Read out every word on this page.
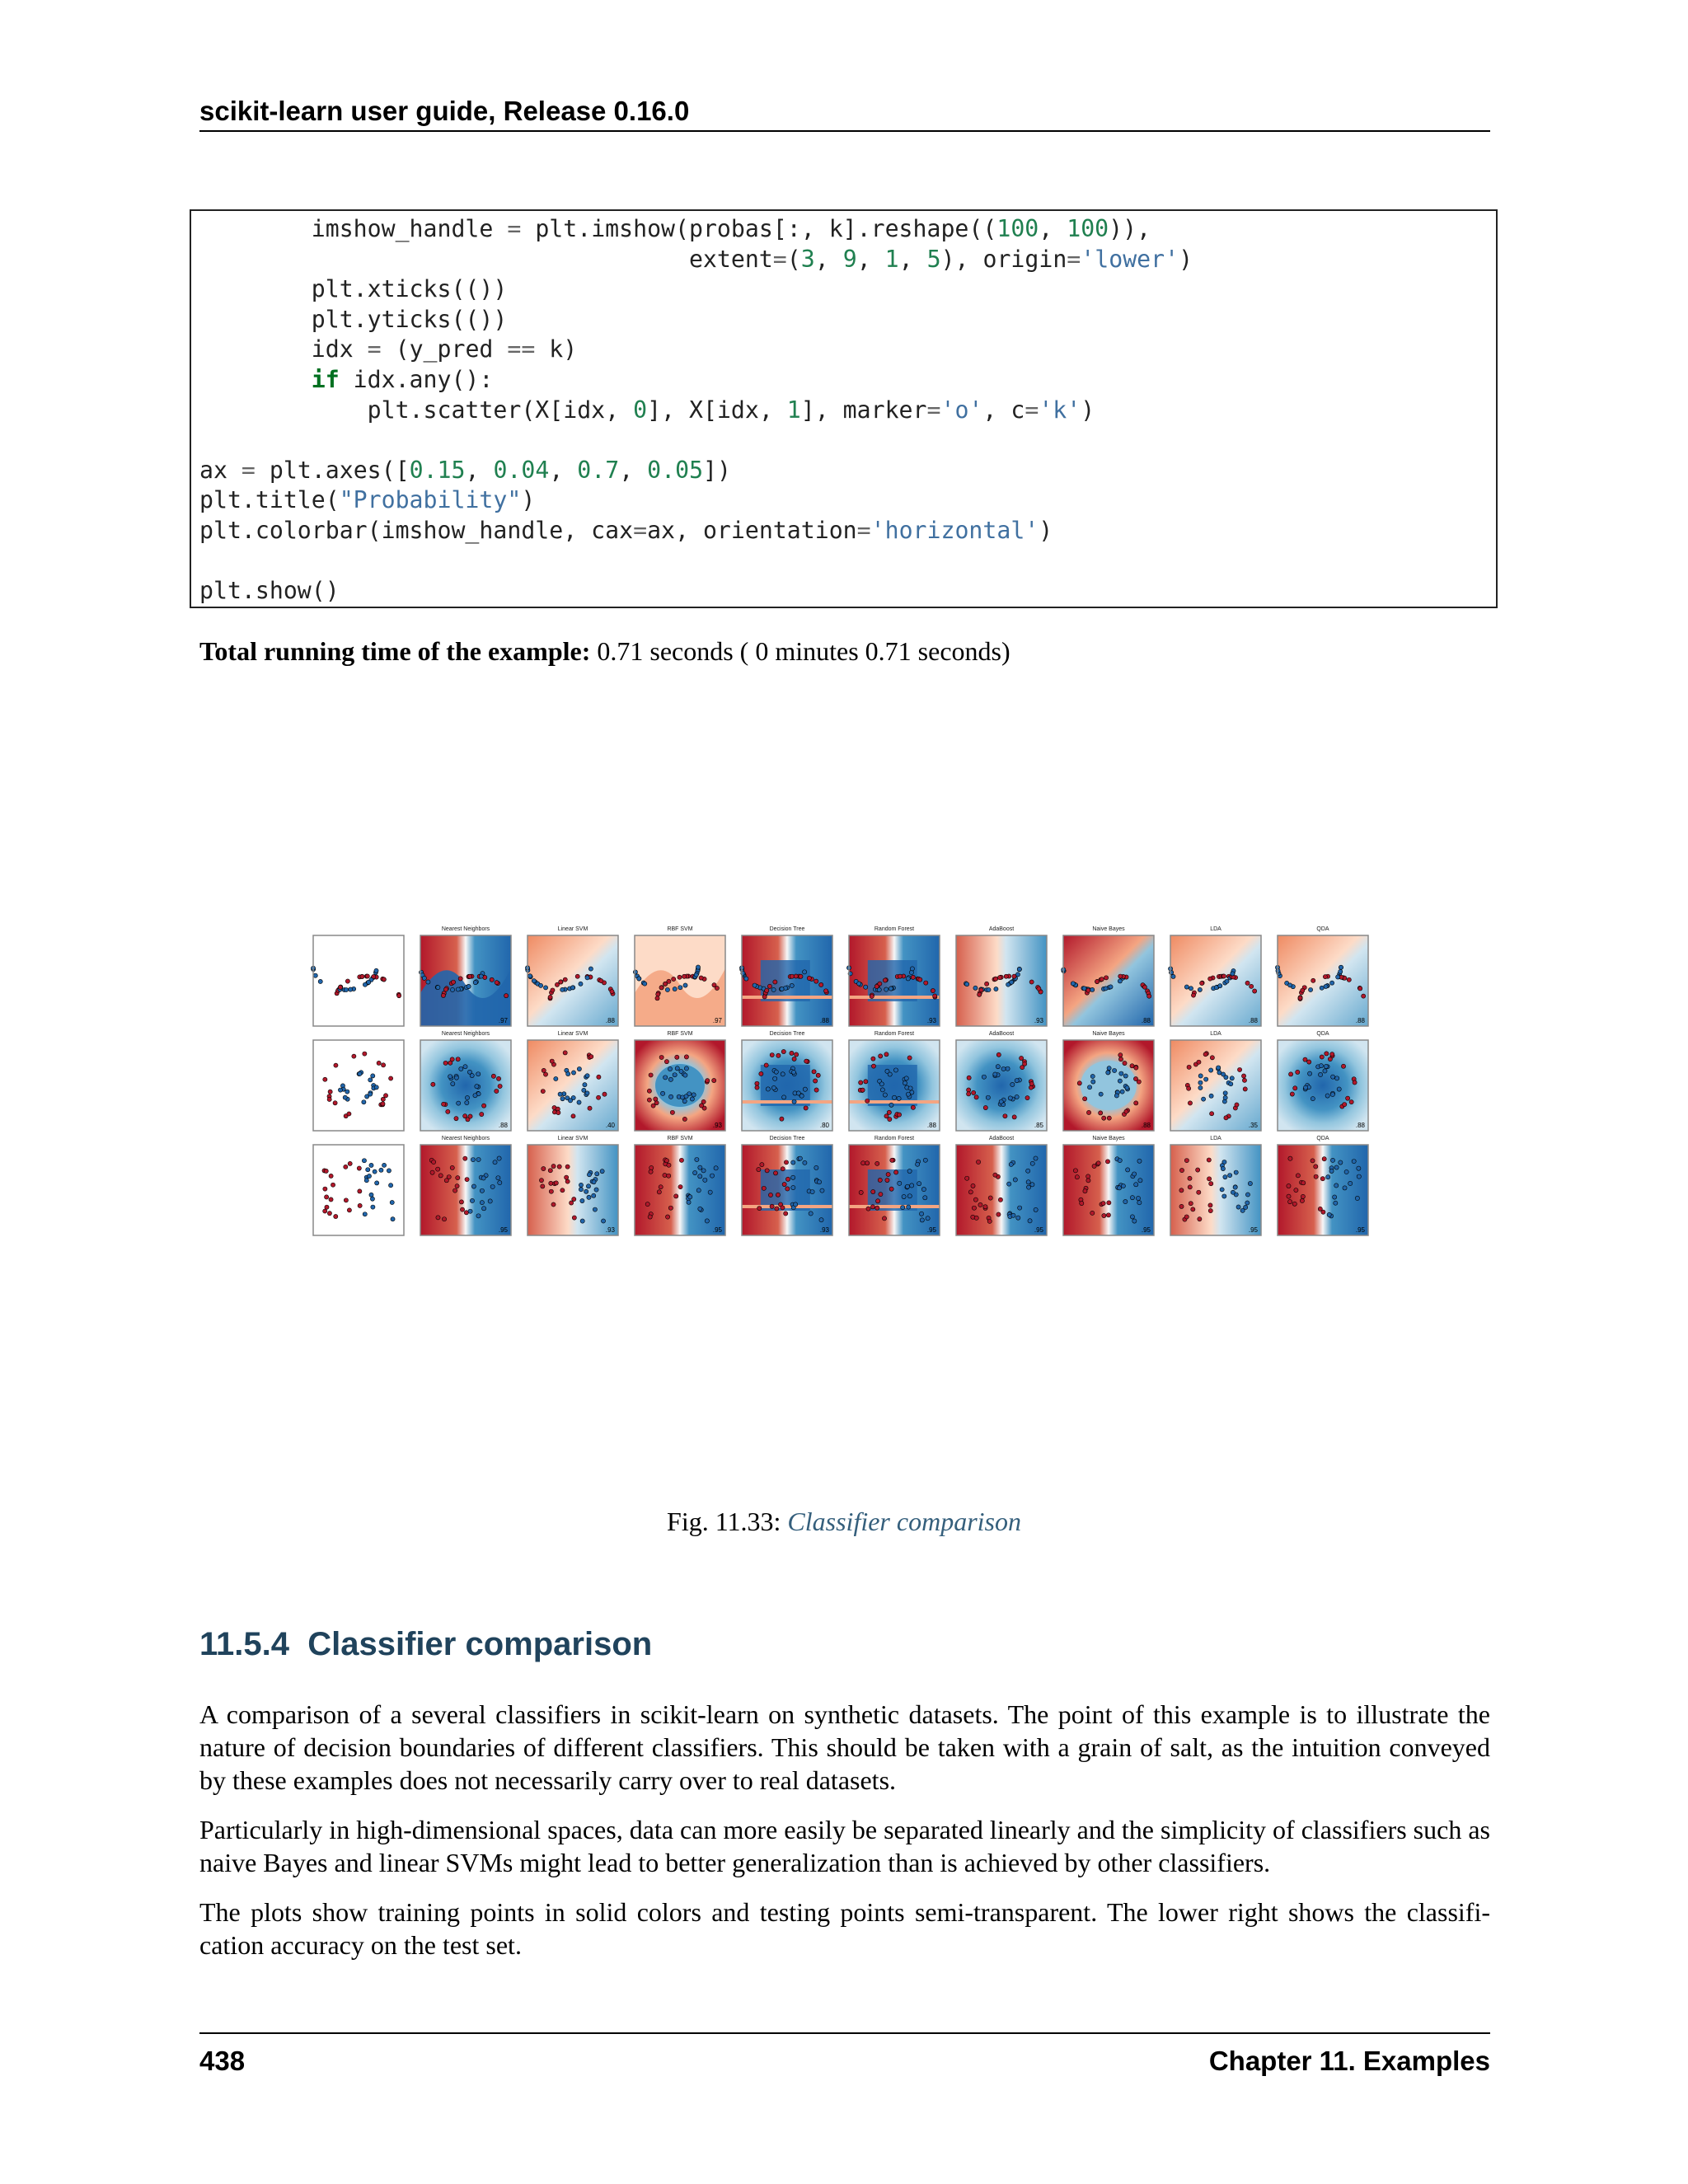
scikit-learn user guide, Release 0.16.0
imshow_handle = plt.imshow(probas[:, k].reshape((100, 100)),
extent=(3, 9, 1, 5), origin='lower')
plt.xticks(())
plt.yticks(())
idx = (y_pred == k)
if idx.any():
plt.scatter(X[idx, 0], X[idx, 1], marker='o', c='k')

ax = plt.axes([0.15, 0.04, 0.7, 0.05])
plt.title("Probability")
plt.colorbar(imshow_handle, cax=ax, orientation='horizontal')

plt.show()
Total running time of the example: 0.71 seconds ( 0 minutes 0.71 seconds)
Nearest Neighbors
.97
Linear SVM
.88
RBF SVM
.97
Decision Tree
.88
Random Forest
.93
AdaBoost
.93
Naive Bayes
.88
LDA
.88
QDA
.88
Nearest Neighbors
.88
Linear SVM
.40
RBF SVM
.93
Decision Tree
.80
Random Forest
.88
AdaBoost
.85
Naive Bayes
.88
LDA
.35
QDA
.88
Nearest Neighbors
.95
Linear SVM
.93
RBF SVM
.95
Decision Tree
.93
Random Forest
.95
AdaBoost
.95
Naive Bayes
.95
LDA
.95
QDA
.95
Fig. 11.33: Classifier comparison
11.5.4 Classifier comparison

A comparison of a several classifiers in scikit-learn on synthetic datasets. The point of this example is to illustrate the nature of decision boundaries of different classifiers. This should be taken with a grain of salt, as the intuition conveyed by these examples does not necessarily carry over to real datasets.

Particularly in high-dimensional spaces, data can more easily be separated linearly and the simplicity of classifiers such as naive Bayes and linear SVMs might lead to better generalization than is achieved by other classifiers.

The plots show training points in solid colors and testing points semi-transparent. The lower right shows the classifi- cation accuracy on the test set.

438	Chapter 11. Examples
